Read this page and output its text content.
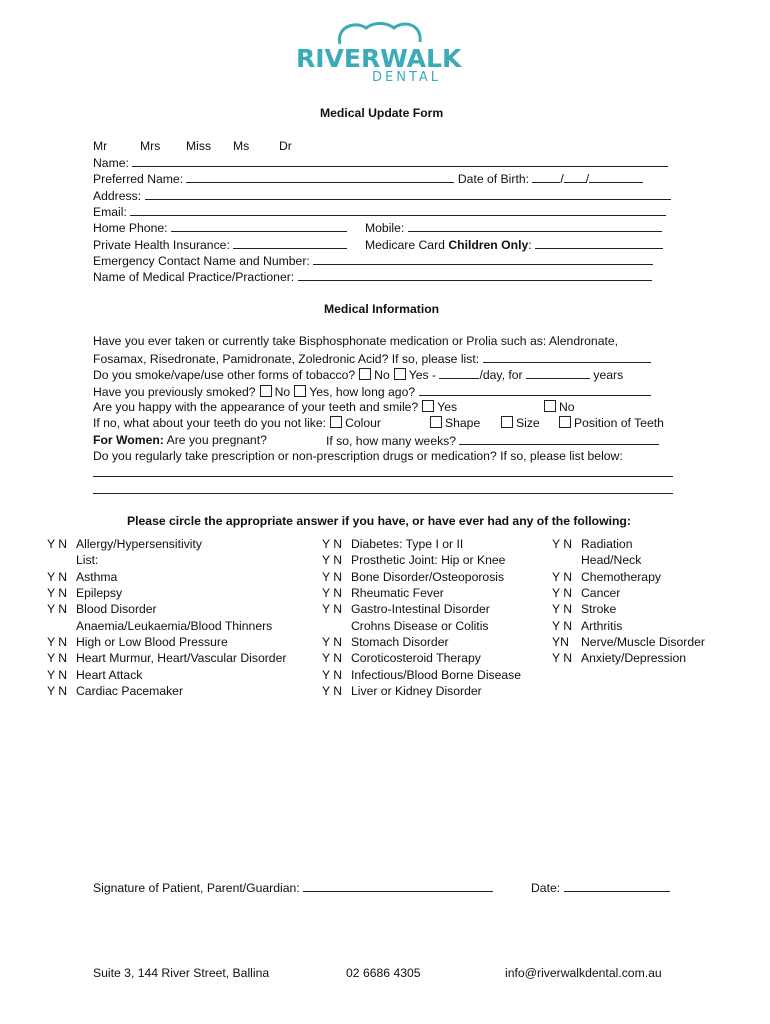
RIVERWALK
DENTAL
Medical Update Form
Mr	Mrs Miss Ms Dr
Name:
Preferred Name:	Date of Birth:	/ /
Address:
Email:
Home Phone:	Mobile:
Private Health Insurance:	Medicare Card Children Only:
Emergency Contact Name and Number:
Name of Medical Practice/Practioner:
Medical Information
Have you ever taken or currently take Bisphosphonate medication or Prolia such as: Alendronate,
Fosamax, Risedronate, Pamidronate, Zoledronic Acid? If so, please list:
Do you smoke/vape/use other forms of tobacco? No Yes -	/day, for	years
Have you previously smoked? No Yes, how long ago?
Are you happy with the appearance of your teeth and smile? Yes	No
If no, what about your teeth do you not like: Colour	Shape	Size	Position of Teeth
For Women: Are you pregnant?	If so, how many weeks?
Do you regularly take prescription or non-prescription drugs or medication? If so, please list below:
Please circle the appropriate answer if you have, or have ever had any of the following:
Y N Allergy/Hypersensitivity
List:
Y N Asthma
Y N Epilepsy
Y N Blood Disorder
Anaemia/Leukaemia/Blood Thinners
Y N High or Low Blood Pressure
Y N Heart Murmur, Heart/Vascular Disorder
Y N Heart Attack
Y N Cardiac Pacemaker
Y N Diabetes: Type I or II
Y N Prosthetic Joint: Hip or Knee
Y N Bone Disorder/Osteoporosis
Y N Rheumatic Fever
Y N Gastro-Intestinal Disorder
Crohns Disease or Colitis
Y N Stomach Disorder
Y N Coroticosteroid Therapy
Y N Infectious/Blood Borne Disease
Y N Liver or Kidney Disorder
Y N Radiation
Head/Neck
Y N Chemotherapy
Y N Cancer
Y N Stroke
Y N Arthritis
YN Nerve/Muscle Disorder
Y N Anxiety/Depression
Signature of Patient, Parent/Guardian:	Date:
Suite 3, 144 River Street, Ballina	02 6686 4305	info@riverwalkdental.com.au
